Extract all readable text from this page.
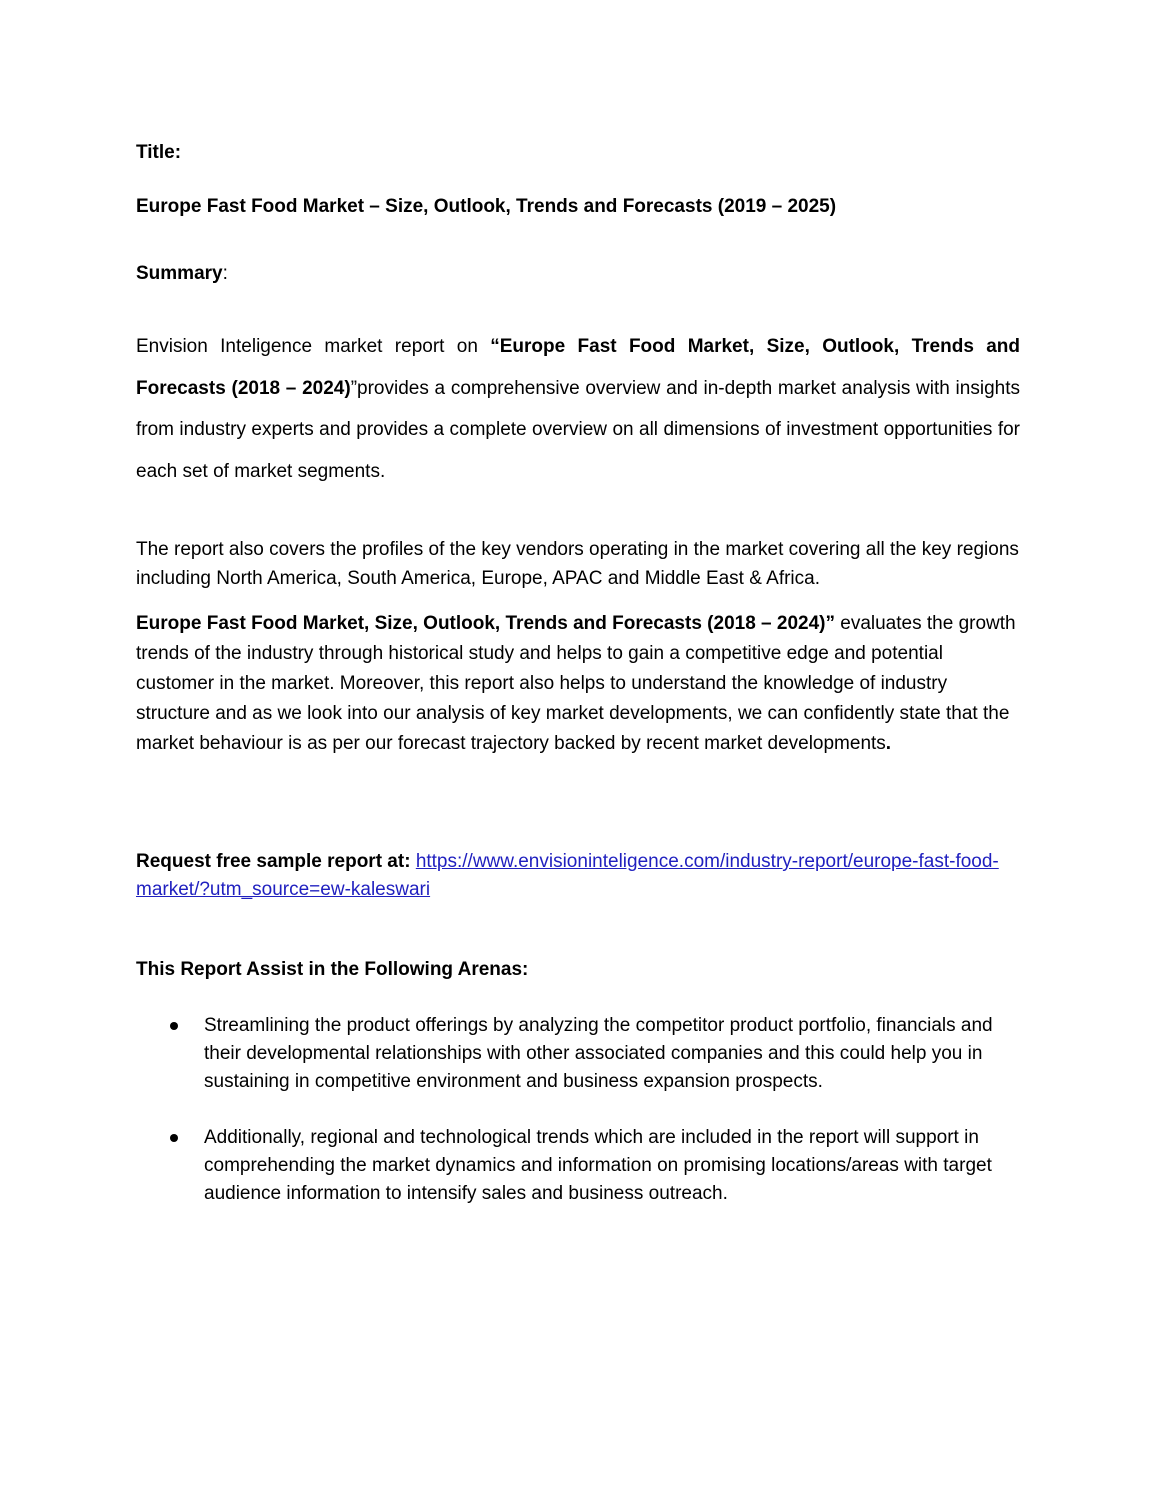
Title:

Europe Fast Food Market – Size, Outlook, Trends and Forecasts (2019 – 2025)

Summary:

Envision Inteligence market report on “Europe Fast Food Market, Size, Outlook, Trends and Forecasts (2018 – 2024)”provides a comprehensive overview and in-depth market analysis with insights from industry experts and provides a complete overview on all dimensions of investment opportunities for each set of market segments.

The report also covers the profiles of the key vendors operating in the market covering all the key regions including North America, South America, Europe, APAC and Middle East & Africa.

Europe Fast Food Market, Size, Outlook, Trends and Forecasts (2018 – 2024)” evaluates the growth trends of the industry through historical study and helps to gain a competitive edge and potential customer in the market. Moreover, this report also helps to understand the knowledge of industry structure and as we look into our analysis of key market developments, we can confidently state that the market behaviour is as per our forecast trajectory backed by recent market developments.

Request free sample report at: https://www.envisioninteligence.com/industry-report/europe-fast-food-market/?utm_source=ew-kaleswari

This Report Assist in the Following Arenas:

Streamlining the product offerings by analyzing the competitor product portfolio, financials and their developmental relationships with other associated companies and this could help you in sustaining in competitive environment and business expansion prospects.
Additionally, regional and technological trends which are included in the report will support in comprehending the market dynamics and information on promising locations/areas with target audience information to intensify sales and business outreach.
